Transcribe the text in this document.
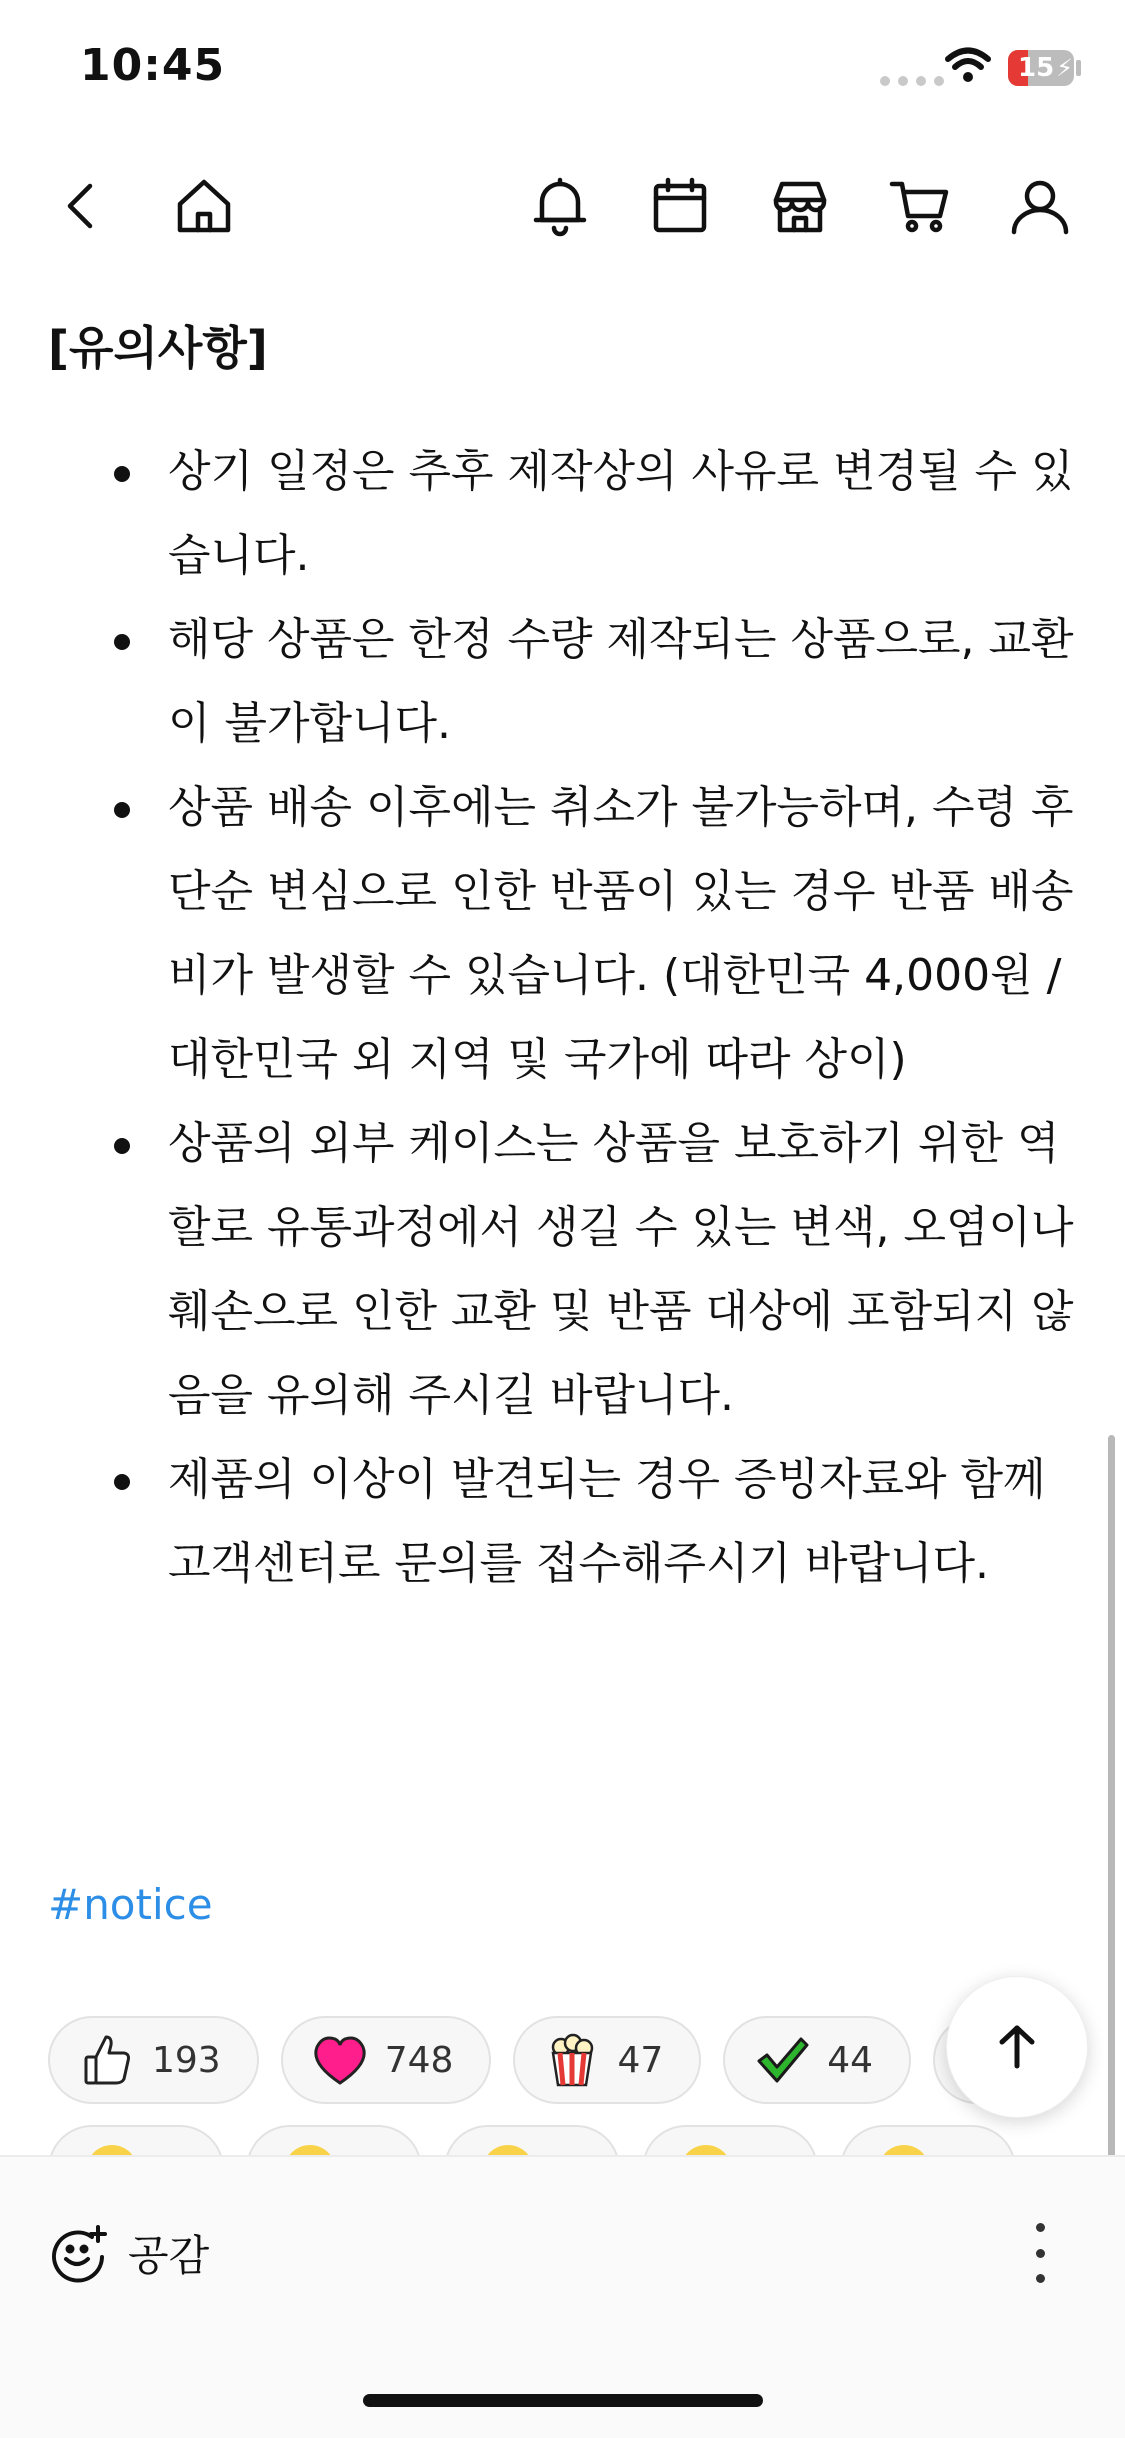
10:45	15 ⚡
[유의사항]
상기 일정은 추후 제작상의 사유로 변경될 수 있습니다.
해당 상품은 한정 수량 제작되는 상품으로, 교환이 불가합니다.
상품 배송 이후에는 취소가 불가능하며, 수령 후 단순 변심으로 인한 반품이 있는 경우 반품 배송비가 발생할 수 있습니다. (대한민국 4,000원 / 대한민국 외 지역 및 국가에 따라 상이)
상품의 외부 케이스는 상품을 보호하기 위한 역할로 유통과정에서 생길 수 있는 변색, 오염이나 훼손으로 인한 교환 및 반품 대상에 포함되지 않음을 유의해 주시길 바랍니다.
제품의 이상이 발견되는 경우 증빙자료와 함께 고객센터로 문의를 접수해주시기 바랍니다.
#notice
193	748	47	44
공감
